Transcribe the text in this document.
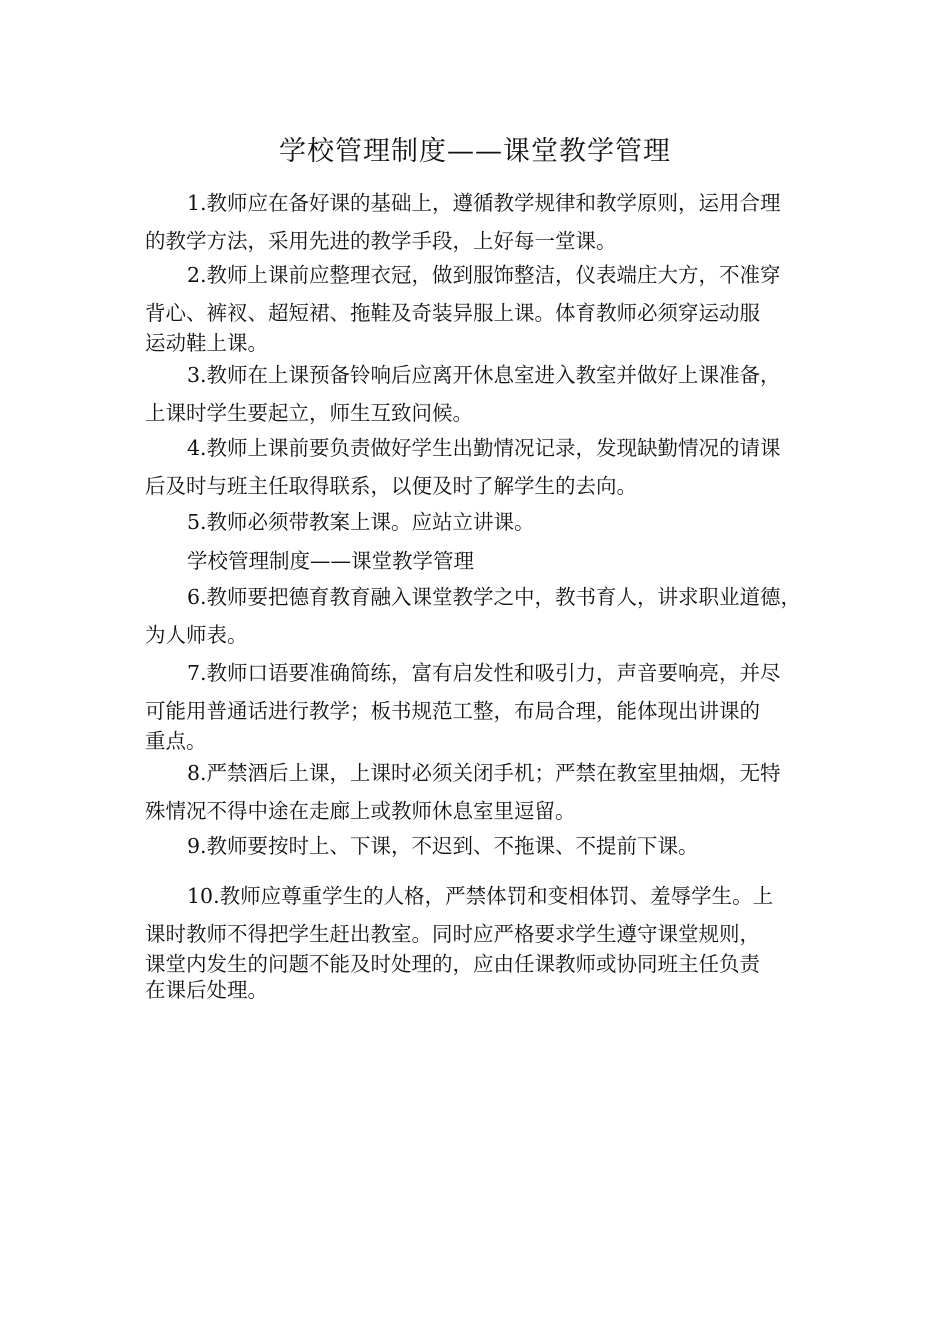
学校管理制度——课堂教学管理
1.教师应在备好课的基础上，遵循教学规律和教学原则，运用合理
的教学方法，采用先进的教学手段，上好每一堂课。
2.教师上课前应整理衣冠，做到服饰整洁，仪表端庄大方，不准穿
背心、裤衩、超短裙、拖鞋及奇装异服上课。体育教师必须穿运动服
运动鞋上课。
3.教师在上课预备铃响后应离开休息室进入教室并做好上课准备，
上课时学生要起立，师生互致问候。
4.教师上课前要负责做好学生出勤情况记录，发现缺勤情况的请课
后及时与班主任取得联系，以便及时了解学生的去向。
5.教师必须带教案上课。应站立讲课。
学校管理制度——课堂教学管理
6.教师要把德育教育融入课堂教学之中，教书育人，讲求职业道德，
为人师表。
7.教师口语要准确简练，富有启发性和吸引力，声音要响亮，并尽
可能用普通话进行教学；板书规范工整，布局合理，能体现出讲课的
重点。
8.严禁酒后上课，上课时必须关闭手机；严禁在教室里抽烟，无特
殊情况不得中途在走廊上或教师休息室里逗留。
9.教师要按时上、下课，不迟到、不拖课、不提前下课。
10.教师应尊重学生的人格，严禁体罚和变相体罚、羞辱学生。上
课时教师不得把学生赶出教室。同时应严格要求学生遵守课堂规则，
课堂内发生的问题不能及时处理的，应由任课教师或协同班主任负责
在课后处理。
